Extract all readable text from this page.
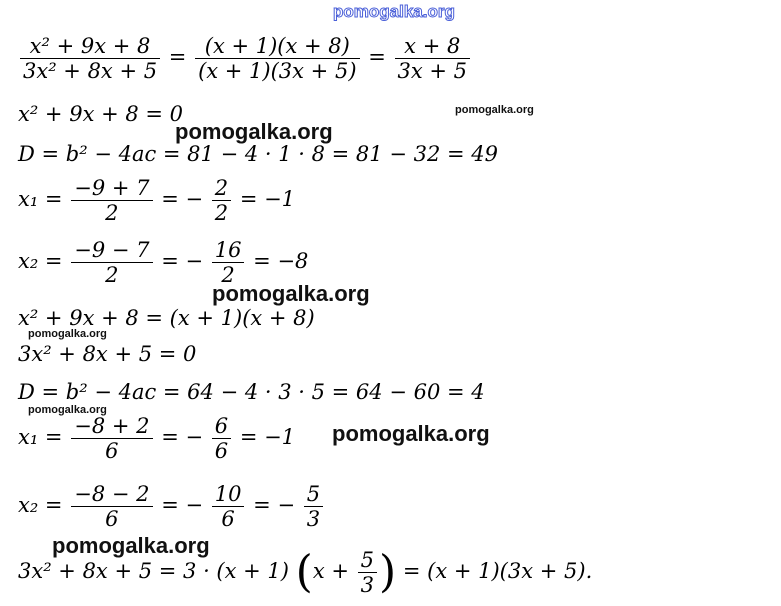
pomogalka.org
$\frac{\text{x² + 9x + 8}}{\text{3x² + 8x + 5}} = \frac{(x + 1)(x + 8)}{(x + 1)(3x + 5)} = \frac{x + 8}{3x + 5}$
x² + 9x + 8 = 0
D = b² − 4ac = 81 − 4 · 1 · 8 = 81 − 32 = 49
$x_1 = \frac{-9 + 7}{2}$ = − $\frac{2}{2} = -1$
$x_2 = \frac{-9 - 7}{2}$ = − $\frac{16}{2} = -8$
x² + 9x + 8 = (x + 1)(x + 8)
3x² + 8x + 5 = 0
D = b² − 4ac = 64 − 4 · 3 · 5 = 64 − 60 = 4
$x_1 = \frac{-8 + 2}{6}$ = − $\frac{6}{6} = -1$
$x_2 = \frac{-8 - 2}{6}$ = − $\frac{10}{6}$ = − $\frac{5}{3}$
3x² + 8x + 5 = 3 · (x + 1) ($x + \frac{5}{3}$ ) = (x + 1)(3x + 5).
pomogalka.org
pomogalka.org
pomogalka.org
pomogalka.org
pomogalka.org
pomogalka.org
pomogalka.org
